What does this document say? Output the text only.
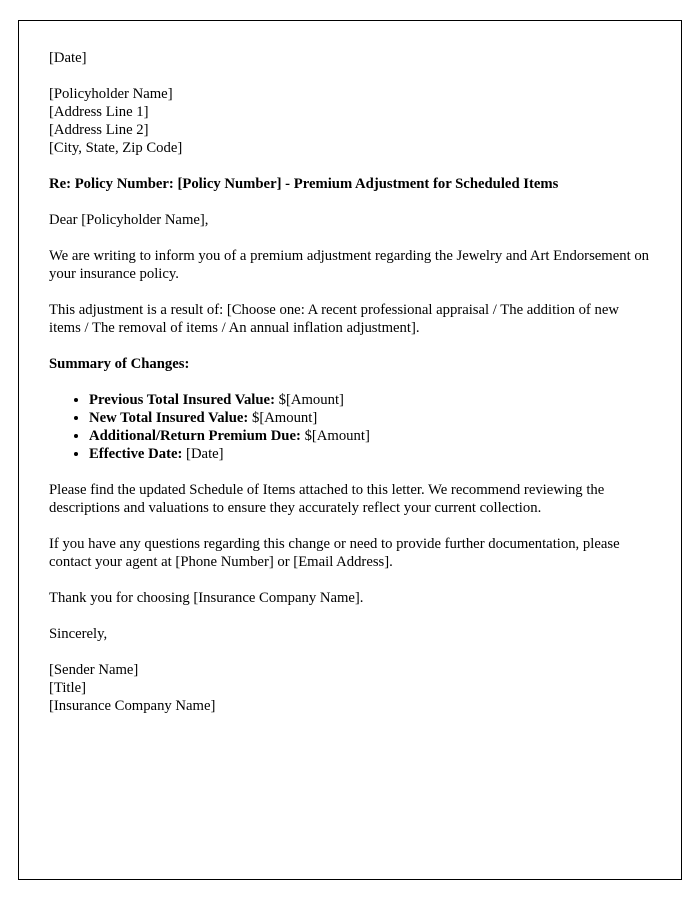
[Date]

[Policyholder Name]

[Address Line 1]

[Address Line 2]

[City, State, Zip Code]

Re: Policy Number: [Policy Number] - Premium Adjustment for Scheduled Items

Dear [Policyholder Name],

We are writing to inform you of a premium adjustment regarding the Jewelry and Art Endorsement on your insurance policy.

This adjustment is a result of: [Choose one: A recent professional appraisal / The addition of new items / The removal of items / An annual inflation adjustment].

Summary of Changes:

• Previous Total Insured Value: $[Amount]
• New Total Insured Value: $[Amount]
• Additional/Return Premium Due: $[Amount]
• Effective Date: [Date]

Please find the updated Schedule of Items attached to this letter. We recommend reviewing the descriptions and valuations to ensure they accurately reflect your current collection.

If you have any questions regarding this change or need to provide further documentation, please contact your agent at [Phone Number] or [Email Address].

Thank you for choosing [Insurance Company Name].

Sincerely,

[Sender Name]

[Title]

[Insurance Company Name]
